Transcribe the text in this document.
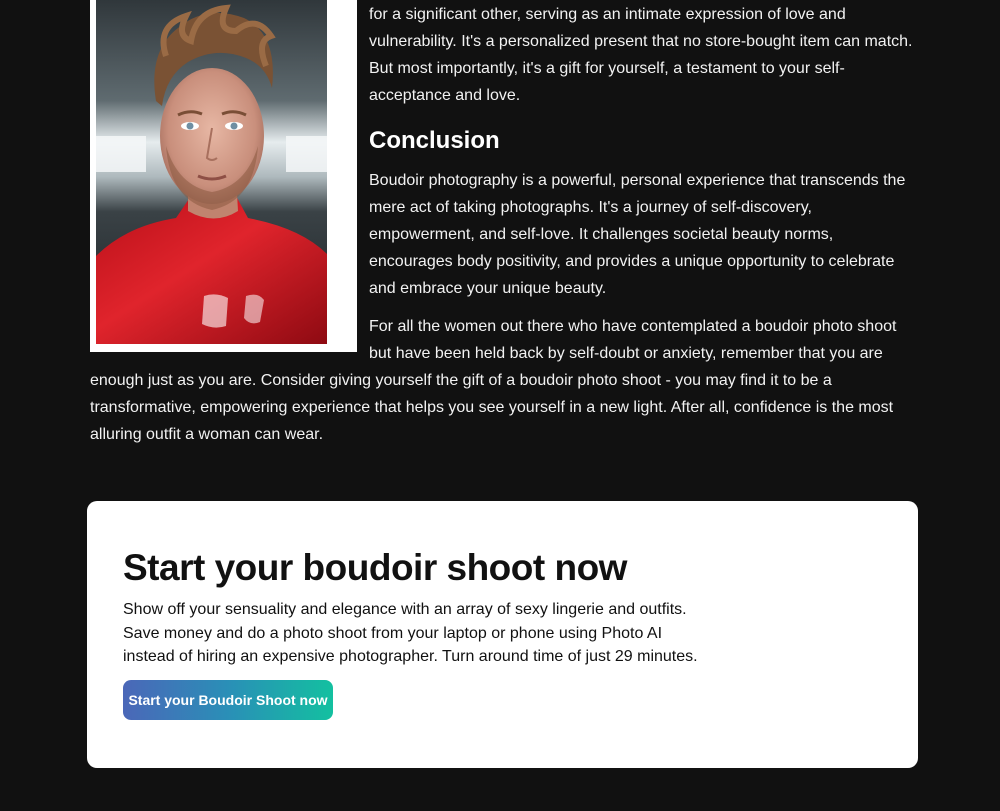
for a significant other, serving as an intimate expression of love and vulnerability. It's a personalized present that no store-bought item can match. But most importantly, it's a gift for yourself, a testament to your self-acceptance and love.

Conclusion

Boudoir photography is a powerful, personal experience that transcends the mere act of taking photographs. It's a journey of self-discovery, empowerment, and self-love. It challenges societal beauty norms, encourages body positivity, and provides a unique opportunity to celebrate and embrace your unique beauty.

For all the women out there who have contemplated a boudoir photo shoot but have been held back by self-doubt or anxiety, remember that you are enough just as you are. Consider giving yourself the gift of a boudoir photo shoot - you may find it to be a transformative, empowering experience that helps you see yourself in a new light. After all, confidence is the most alluring outfit a woman can wear.

Start your boudoir shoot now

Show off your sensuality and elegance with an array of sexy lingerie and outfits. Save money and do a photo shoot from your laptop or phone using Photo AI instead of hiring an expensive photographer. Turn around time of just 29 minutes.

Start your Boudoir Shoot now
